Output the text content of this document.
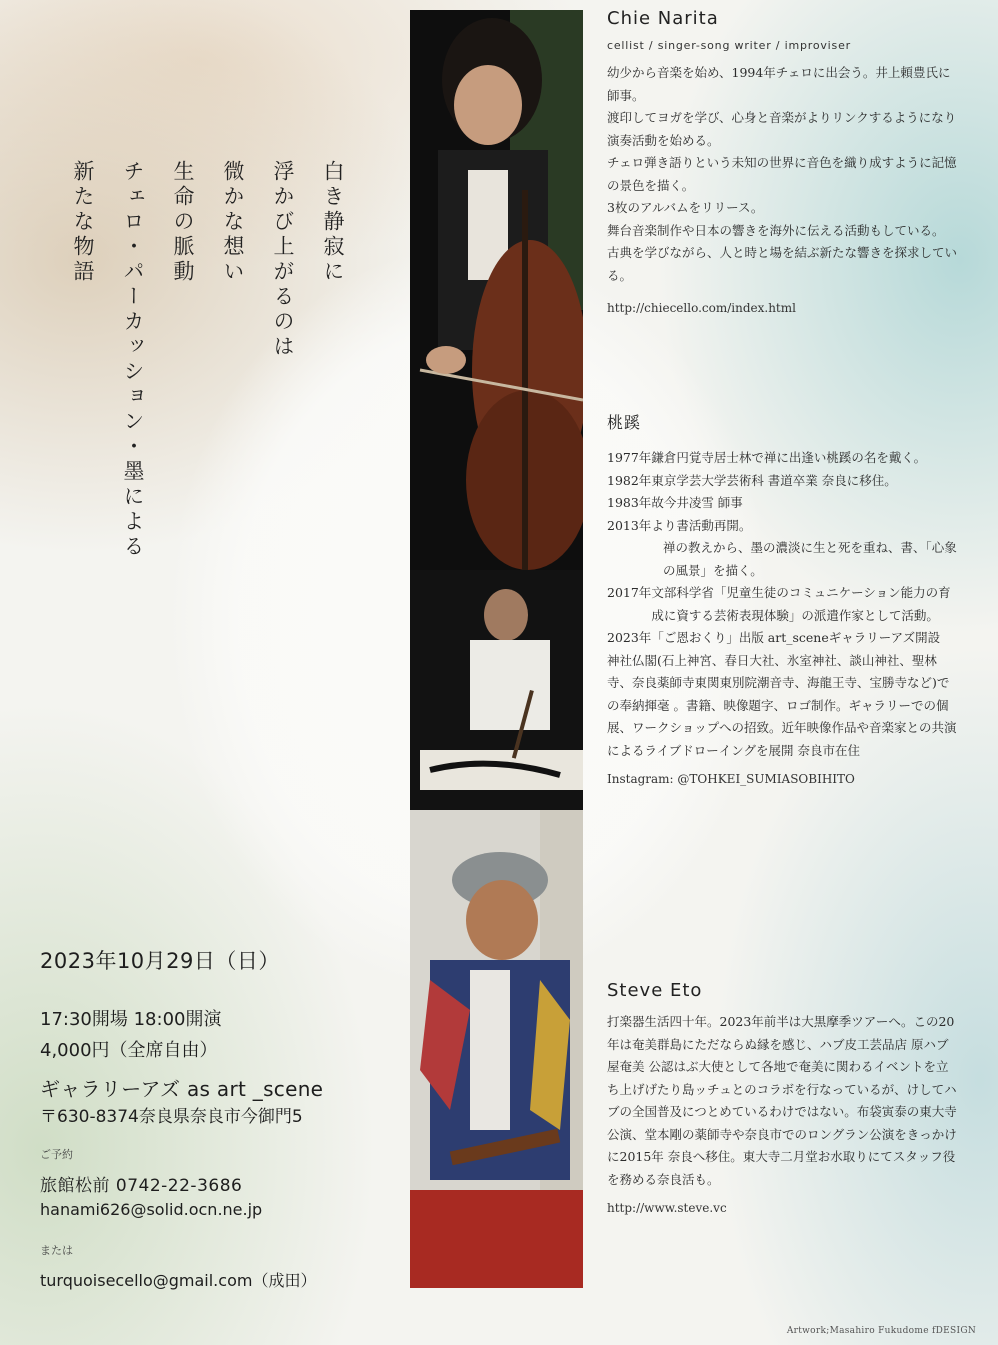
白き静寂に
浮かび上がるのは
微かな想い
生命の脈動
チェロ・パーカッション・墨による
新たな物語
2023年10月29日（日）
17:30開場 18:00開演
4,000円（全席自由）
ギャラリーアズ as art _scene
〒630-8374奈良県奈良市今御門5
ご予約
旅館松前 0742-22-3686
hanami626@solid.ocn.ne.jp
または
turquoisecello@gmail.com（成田）
Chie Narita
cellist / singer-song writer / improviser

幼少から音楽を始め、1994年チェロに出会う。井上頼豊氏に師事。

渡印してヨガを学び、心身と音楽がよりリンクするようになり演奏活動を始める。

チェロ弾き語りという未知の世界に音色を織り成すように記憶の景色を描く。

3枚のアルバムをリリース。

舞台音楽制作や日本の響きを海外に伝える活動もしている。

古典を学びながら、人と時と場を結ぶ新たな響きを探求している。

http://chiecello.com/index.html
桃蹊
1977年 鎌倉円覚寺居士林で禅に出逢い桃蹊の名を戴く。
1982年 東京学芸大学芸術科 書道卒業 奈良に移住。
1983年 故今井凌雪 師事
2013年 より書活動再開。
禅の教えから、墨の濃淡に生と死を重ね、書、「心象の風景」を描く。
2017年 文部科学省「児童生徒のコミュニケーション能力の育成に資する芸術表現体験」の派遣作家として活動。
2023年 「ご恩おくり」出版 art_sceneギャラリーアズ開設

神社仏閣(石上神宮、春日大社、氷室神社、談山神社、聖林寺、奈良薬師寺東関東別院潮音寺、海龍王寺、宝勝寺など)での奉納揮毫 。書籍、映像題字、ロゴ制作。ギャラリーでの個展、ワークショップへの招致。近年映像作品や音楽家との共演によるライブドローイングを展開 奈良市在住

Instagram: @TOHKEI_SUMIASOBIHITO
Steve Eto

打楽器生活四十年。2023年前半は大黒摩季ツアーへ。この20年は奄美群島にただならぬ縁を感じ、ハブ皮工芸品店 原ハブ屋奄美 公認はぶ大使として各地で奄美に関わるイベントを立ち上げげたり島ッチュとのコラボを行なっているが、けしてハブの全国普及につとめているわけではない。布袋寅泰の東大寺公演、堂本剛の薬師寺や奈良市でのロングラン公演をきっかけに2015年 奈良へ移住。東大寺二月堂お水取りにてスタッフ役を務める奈良活も。

http://www.steve.vc
Artwork;Masahiro Fukudome fDESIGN
